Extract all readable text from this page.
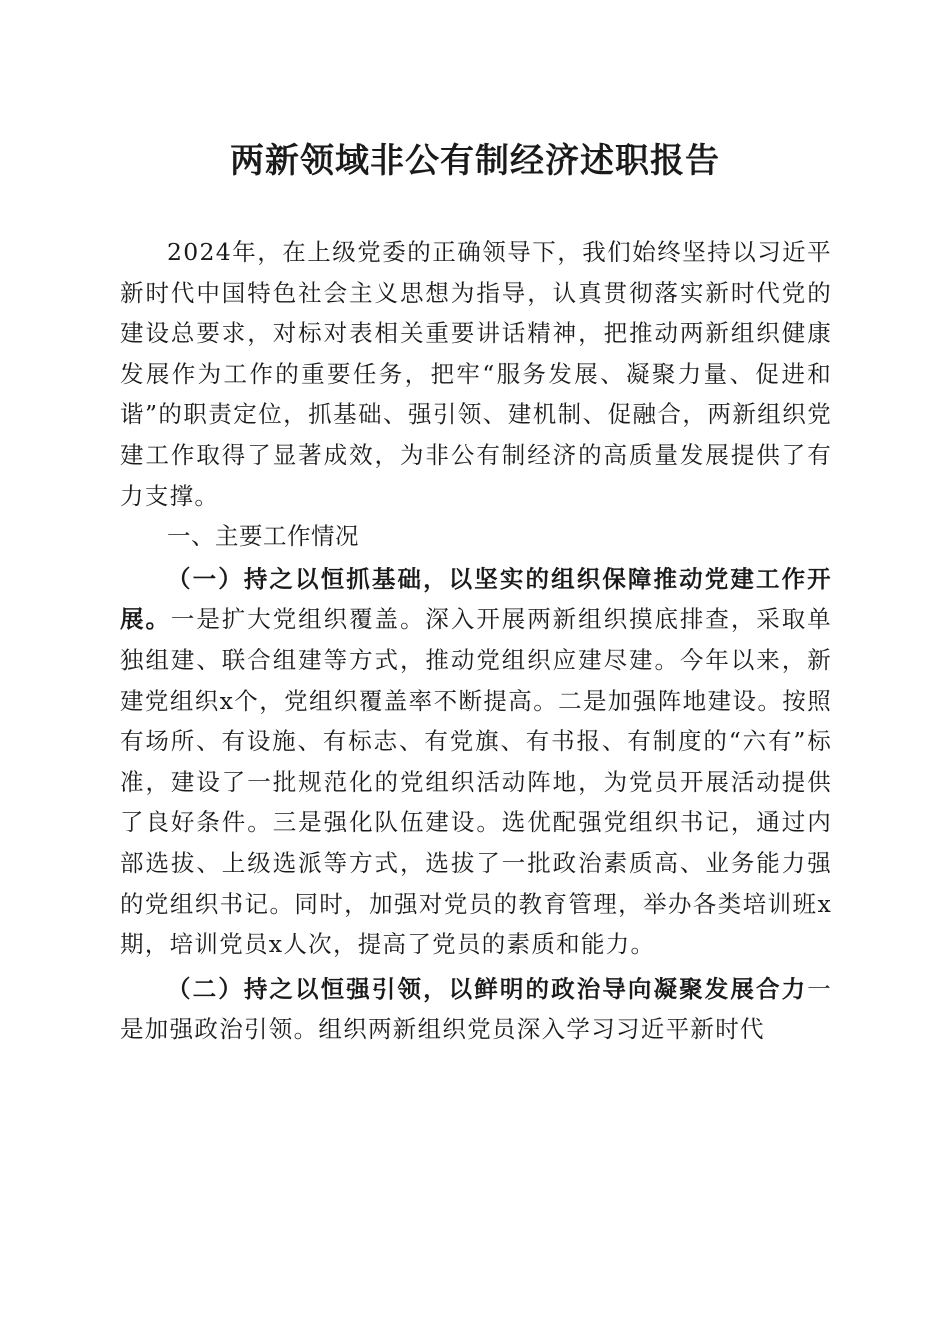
两新领域非公有制经济述职报告

2024年，在上级党委的正确领导下，我们始终坚持以习近平新时代中国特色社会主义思想为指导，认真贯彻落实新时代党的建设总要求，对标对表相关重要讲话精神，把推动两新组织健康发展作为工作的重要任务，把牢“服务发展、凝聚力量、促进和谐”的职责定位，抓基础、强引领、建机制、促融合，两新组织党建工作取得了显著成效，为非公有制经济的高质量发展提供了有力支撑。

一、主要工作情况

（一）持之以恒抓基础，以坚实的组织保障推动党建工作开展。一是扩大党组织覆盖。深入开展两新组织摸底排查，采取单独组建、联合组建等方式，推动党组织应建尽建。今年以来，新建党组织x个，党组织覆盖率不断提高。二是加强阵地建设。按照有场所、有设施、有标志、有党旗、有书报、有制度的“六有”标准，建设了一批规范化的党组织活动阵地，为党员开展活动提供了良好条件。三是强化队伍建设。选优配强党组织书记，通过内部选拔、上级选派等方式，选拔了一批政治素质高、业务能力强的党组织书记。同时，加强对党员的教育管理，举办各类培训班x期，培训党员x人次，提高了党员的素质和能力。

（二）持之以恒强引领，以鲜明的政治导向凝聚发展合力一是加强政治引领。组织两新组织党员深入学习习近平新时代
